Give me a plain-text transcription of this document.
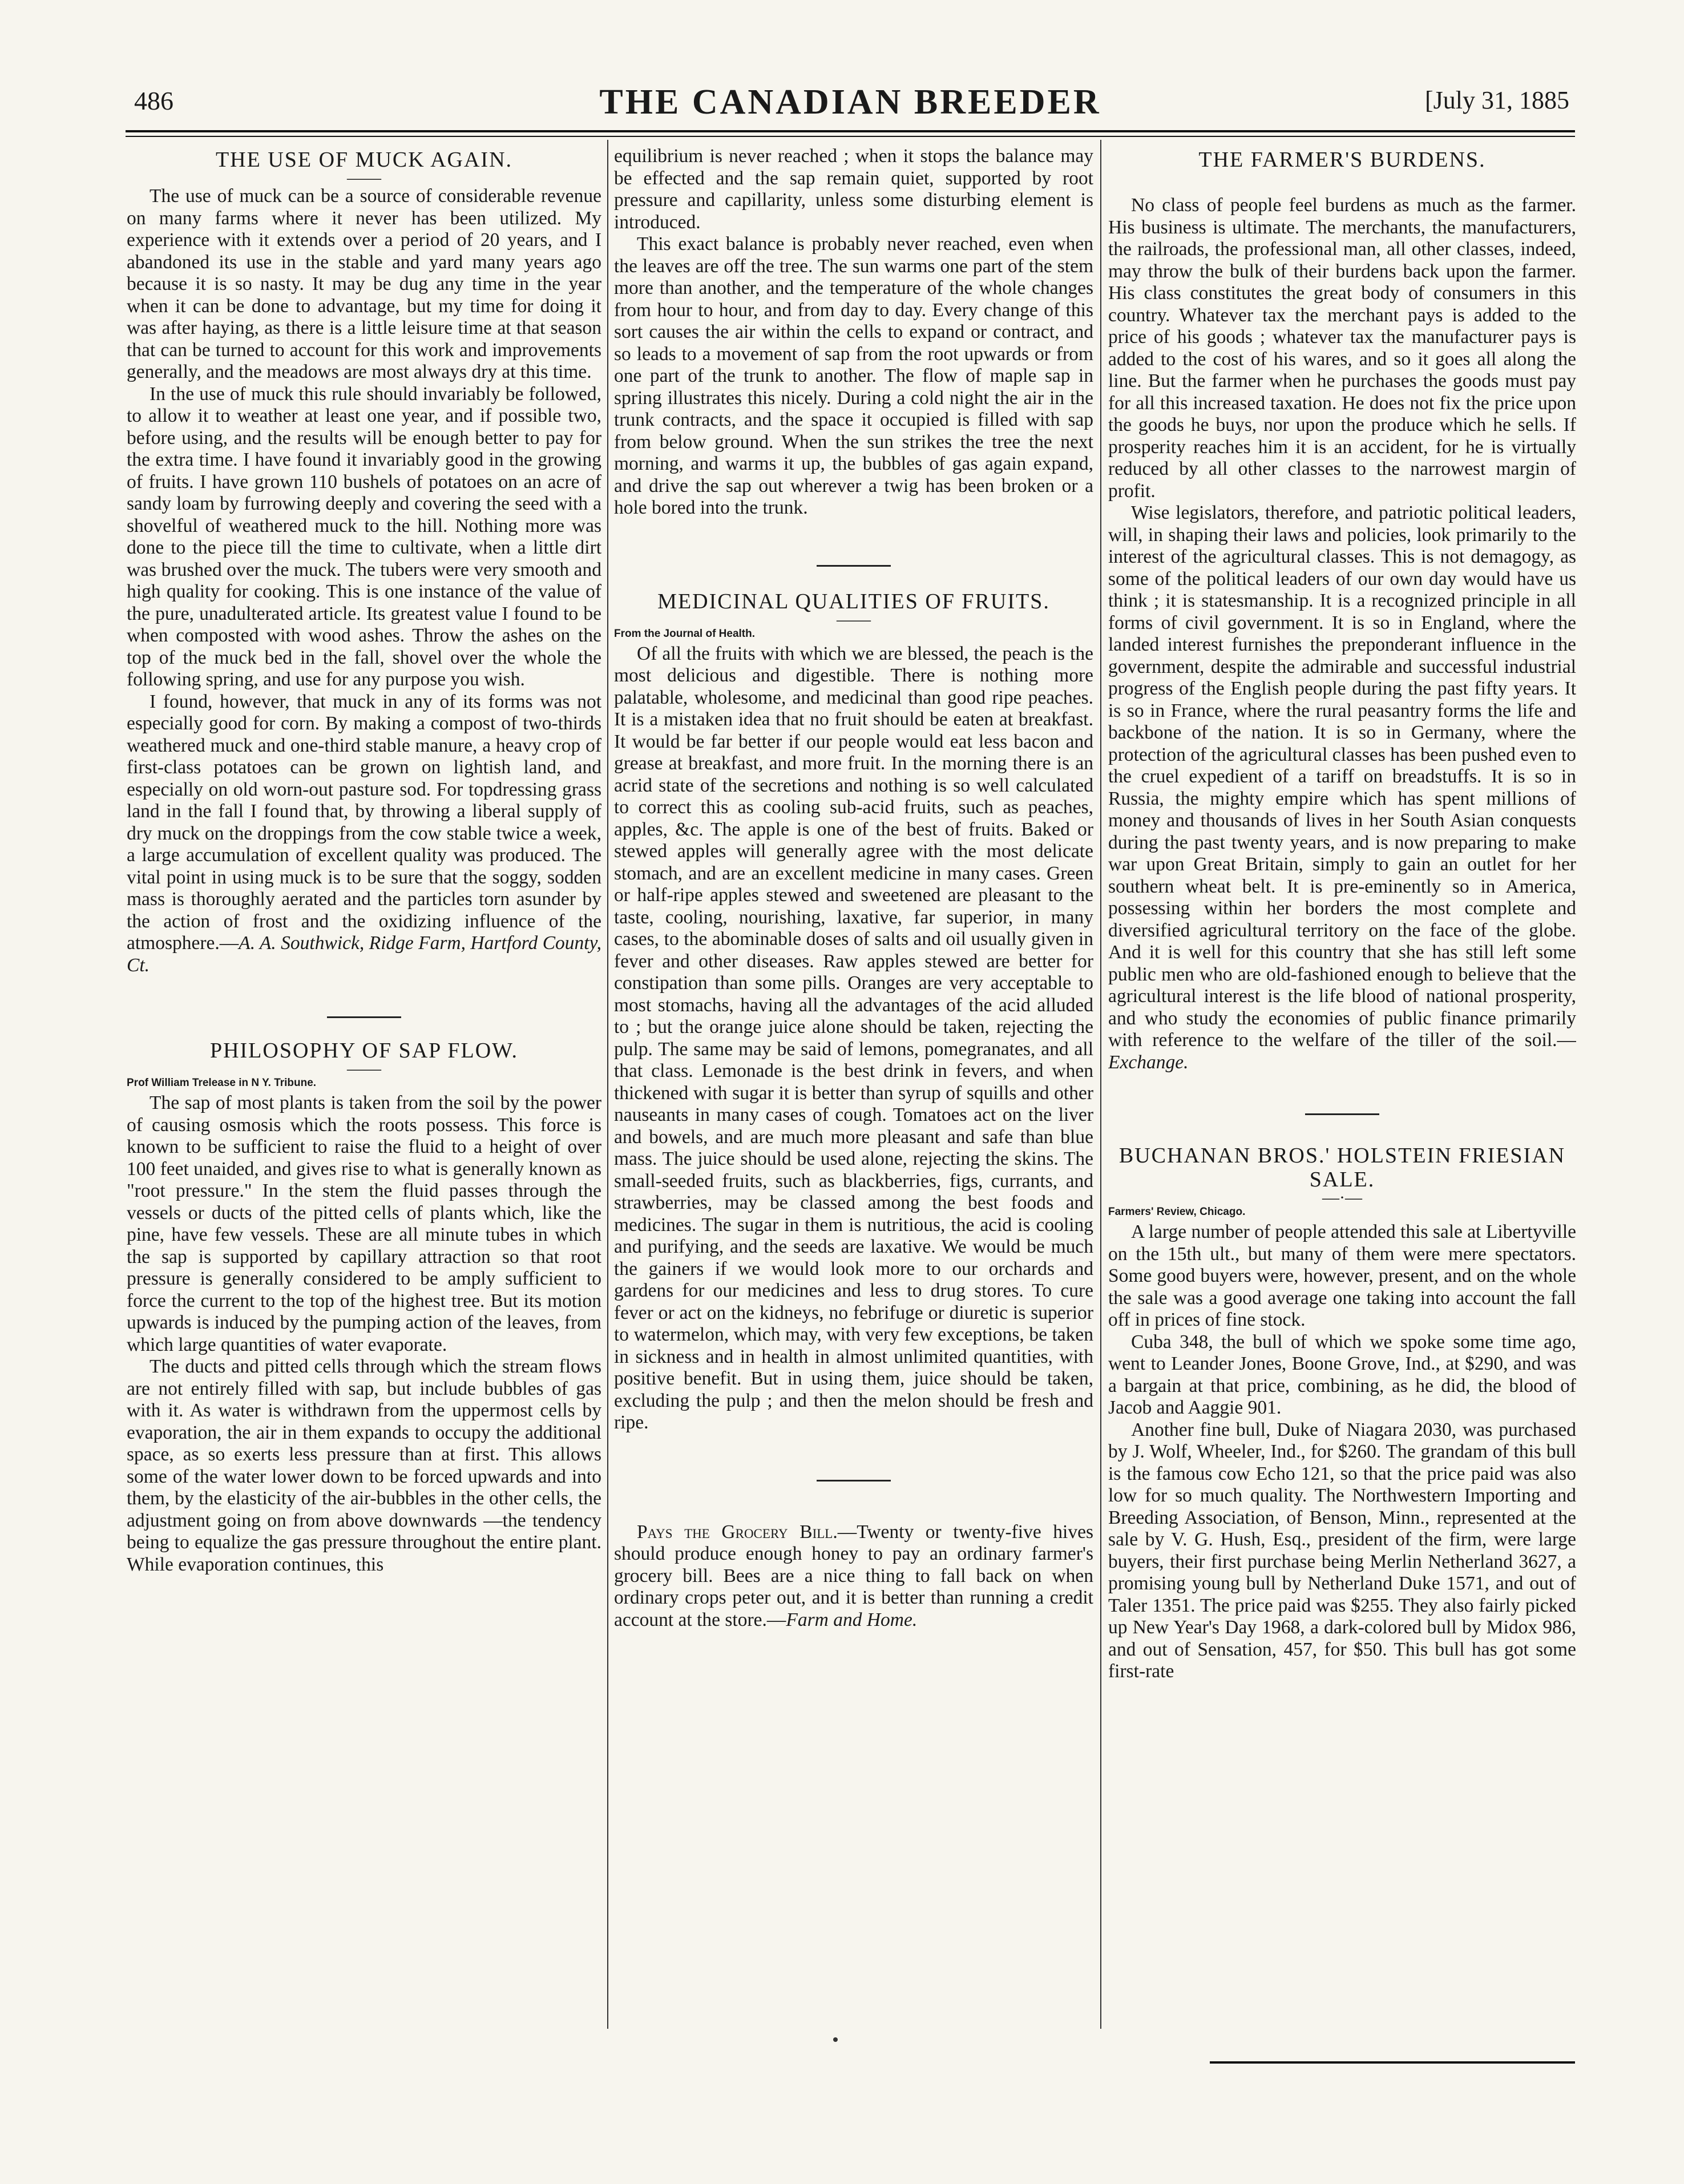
486	THE CANADIAN BREEDER	[July 31, 1885
THE USE OF MUCK AGAIN.
——

The use of muck can be a source of considerable revenue on many farms where it never has been utilized. My experience with it extends over a period of 20 years, and I abandoned its use in the stable and yard many years ago because it is so nasty. It may be dug any time in the year when it can be done to advantage, but my time for doing it was after haying, as there is a little leisure time at that season that can be turned to account for this work and improvements generally, and the meadows are most always dry at this time.

In the use of muck this rule should invariably be followed, to allow it to weather at least one year, and if possible two, before using, and the results will be enough better to pay for the extra time. I have found it invariably good in the growing of fruits. I have grown 110 bushels of potatoes on an acre of sandy loam by furrowing deeply and covering the seed with a shovelful of weathered muck to the hill. Nothing more was done to the piece till the time to cultivate, when a little dirt was brushed over the muck. The tubers were very smooth and high quality for cooking. This is one instance of the value of the pure, unadulterated article. Its greatest value I found to be when composted with wood ashes. Throw the ashes on the top of the muck bed in the fall, shovel over the whole the following spring, and use for any purpose you wish.

I found, however, that muck in any of its forms was not especially good for corn. By making a compost of two-thirds weathered muck and one-third stable manure, a heavy crop of first-class potatoes can be grown on lightish land, and especially on old worn-out pasture sod. For topdressing grass land in the fall I found that, by throwing a liberal supply of dry muck on the droppings from the cow stable twice a week, a large accumulation of excellent quality was produced. The vital point in using muck is to be sure that the soggy, sodden mass is thoroughly aerated and the particles torn asunder by the action of frost and the oxidizing influence of the atmosphere.—A. A. Southwick, Ridge Farm, Hartford County, Ct.

PHILOSOPHY OF SAP FLOW.
——
Prof William Trelease in N Y. Tribune.

The sap of most plants is taken from the soil by the power of causing osmosis which the roots possess. This force is known to be sufficient to raise the fluid to a height of over 100 feet unaided, and gives rise to what is generally known as "root pressure." In the stem the fluid passes through the vessels or ducts of the pitted cells of plants which, like the pine, have few vessels. These are all minute tubes in which the sap is supported by capillary attraction so that root pressure is generally considered to be amply sufficient to force the current to the top of the highest tree. But its motion upwards is induced by the pumping action of the leaves, from which large quantities of water evaporate.

The ducts and pitted cells through which the stream flows are not entirely filled with sap, but include bubbles of gas with it. As water is withdrawn from the uppermost cells by evaporation, the air in them expands to occupy the additional space, as so exerts less pressure than at first. This allows some of the water lower down to be forced upwards and into them, by the elasticity of the air-bubbles in the other cells, the adjustment going on from above downwards —the tendency being to equalize the gas pressure throughout the entire plant. While evaporation continues, this

equilibrium is never reached ; when it stops the balance may be effected and the sap remain quiet, supported by root pressure and capillarity, unless some disturbing element is introduced.

This exact balance is probably never reached, even when the leaves are off the tree. The sun warms one part of the stem more than another, and the temperature of the whole changes from hour to hour, and from day to day. Every change of this sort causes the air within the cells to expand or contract, and so leads to a movement of sap from the root upwards or from one part of the trunk to another. The flow of maple sap in spring illustrates this nicely. During a cold night the air in the trunk contracts, and the space it occupied is filled with sap from below ground. When the sun strikes the tree the next morning, and warms it up, the bubbles of gas again expand, and drive the sap out wherever a twig has been broken or a hole bored into the trunk.

MEDICINAL QUALITIES OF FRUITS.
——
From the Journal of Health.

Of all the fruits with which we are blessed, the peach is the most delicious and digestible. There is nothing more palatable, wholesome, and medicinal than good ripe peaches. It is a mistaken idea that no fruit should be eaten at breakfast. It would be far better if our people would eat less bacon and grease at breakfast, and more fruit. In the morning there is an acrid state of the secretions and nothing is so well calculated to correct this as cooling sub-acid fruits, such as peaches, apples, &c. The apple is one of the best of fruits. Baked or stewed apples will generally agree with the most delicate stomach, and are an excellent medicine in many cases. Green or half-ripe apples stewed and sweetened are pleasant to the taste, cooling, nourishing, laxative, far superior, in many cases, to the abominable doses of salts and oil usually given in fever and other diseases. Raw apples stewed are better for constipation than some pills. Oranges are very acceptable to most stomachs, having all the advantages of the acid alluded to ; but the orange juice alone should be taken, rejecting the pulp. The same may be said of lemons, pomegranates, and all that class. Lemonade is the best drink in fevers, and when thickened with sugar it is better than syrup of squills and other nauseants in many cases of cough. Tomatoes act on the liver and bowels, and are much more pleasant and safe than blue mass. The juice should be used alone, rejecting the skins. The small-seeded fruits, such as blackberries, figs, currants, and strawberries, may be classed among the best foods and medicines. The sugar in them is nutritious, the acid is cooling and purifying, and the seeds are laxative. We would be much the gainers if we would look more to our orchards and gardens for our medicines and less to drug stores. To cure fever or act on the kidneys, no febrifuge or diuretic is superior to watermelon, which may, with very few exceptions, be taken in sickness and in health in almost unlimited quantities, with positive benefit. But in using them, juice should be taken, excluding the pulp ; and then the melon should be fresh and ripe.

Pays the Grocery Bill.—Twenty or twenty-five hives should produce enough honey to pay an ordinary farmer's grocery bill. Bees are a nice thing to fall back on when ordinary crops peter out, and it is better than running a credit account at the store.—Farm and Home.

THE FARMER'S BURDENS.

No class of people feel burdens as much as the farmer. His business is ultimate. The merchants, the manufacturers, the railroads, the professional man, all other classes, indeed, may throw the bulk of their burdens back upon the farmer. His class constitutes the great body of consumers in this country. Whatever tax the merchant pays is added to the price of his goods ; whatever tax the manufacturer pays is added to the cost of his wares, and so it goes all along the line. But the farmer when he purchases the goods must pay for all this increased taxation. He does not fix the price upon the goods he buys, nor upon the produce which he sells. If prosperity reaches him it is an accident, for he is virtually reduced by all other classes to the narrowest margin of profit.

Wise legislators, therefore, and patriotic political leaders, will, in shaping their laws and policies, look primarily to the interest of the agricultural classes. This is not demagogy, as some of the political leaders of our own day would have us think ; it is statesmanship. It is a recognized principle in all forms of civil government. It is so in England, where the landed interest furnishes the preponderant influence in the government, despite the admirable and successful industrial progress of the English people during the past fifty years. It is so in France, where the rural peasantry forms the life and backbone of the nation. It is so in Germany, where the protection of the agricultural classes has been pushed even to the cruel expedient of a tariff on breadstuffs. It is so in Russia, the mighty empire which has spent millions of money and thousands of lives in her South Asian conquests during the past twenty years, and is now preparing to make war upon Great Britain, simply to gain an outlet for her southern wheat belt. It is pre-eminently so in America, possessing within her borders the most complete and diversified agricultural territory on the face of the globe. And it is well for this country that she has still left some public men who are old-fashioned enough to believe that the agricultural interest is the life blood of national prosperity, and who study the economies of public finance primarily with reference to the welfare of the tiller of the soil.—Exchange.

BUCHANAN BROS.' HOLSTEIN FRIESIAN SALE.
—·—
Farmers' Review, Chicago.

A large number of people attended this sale at Libertyville on the 15th ult., but many of them were mere spectators. Some good buyers were, however, present, and on the whole the sale was a good average one taking into account the fall off in prices of fine stock.

Cuba 348, the bull of which we spoke some time ago, went to Leander Jones, Boone Grove, Ind., at $290, and was a bargain at that price, combining, as he did, the blood of Jacob and Aaggie 901.

Another fine bull, Duke of Niagara 2030, was purchased by J. Wolf, Wheeler, Ind., for $260. The grandam of this bull is the famous cow Echo 121, so that the price paid was also low for so much quality. The Northwestern Importing and Breeding Association, of Benson, Minn., represented at the sale by V. G. Hush, Esq., president of the firm, were large buyers, their first purchase being Merlin Netherland 3627, a promising young bull by Netherland Duke 1571, and out of Taler 1351. The price paid was $255. They also fairly picked up New Year's Day 1968, a dark-colored bull by Midox 986, and out of Sensation, 457, for $50. This bull has got some first-rate
